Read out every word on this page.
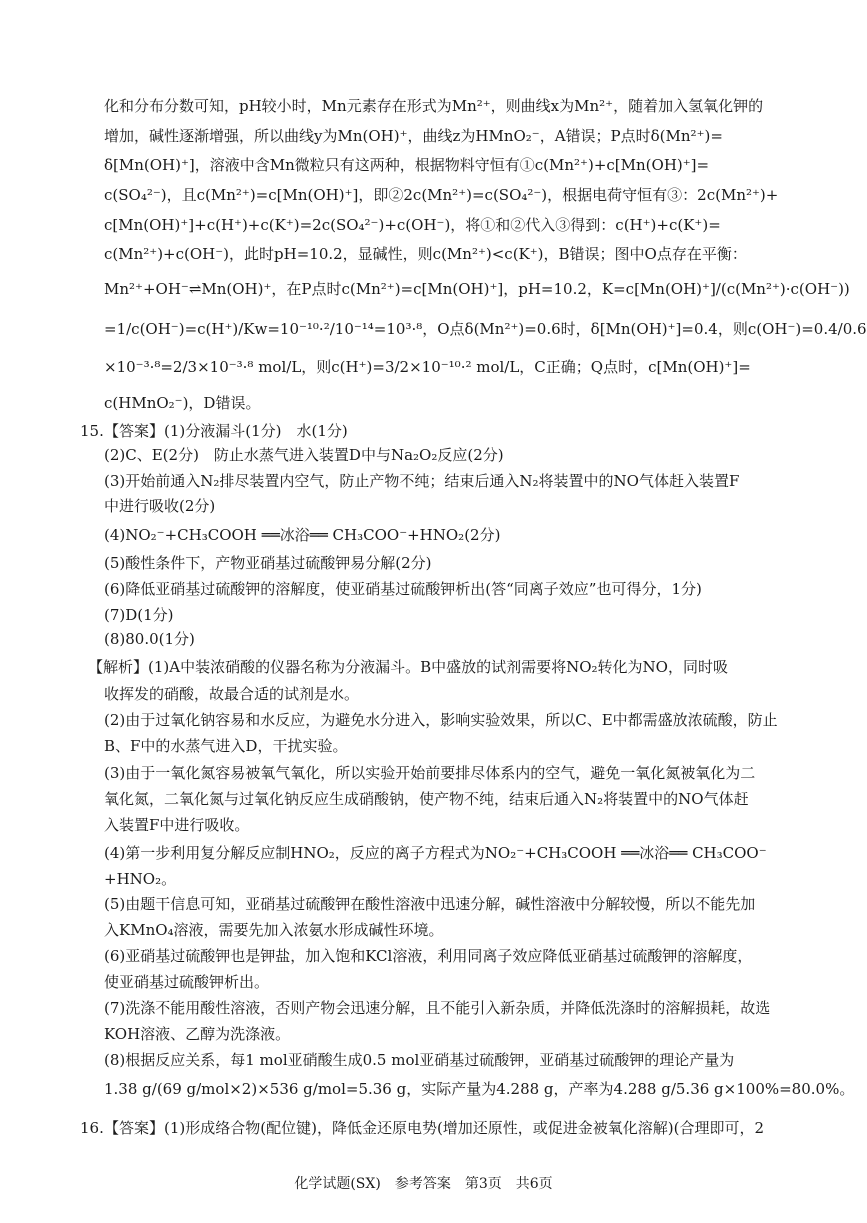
化和分布分数可知，pH较小时，Mn元素存在形式为Mn²⁺，则曲线x为Mn²⁺，随着加入氢氧化钾的
增加，碱性逐渐增强，所以曲线y为Mn(OH)⁺，曲线z为HMnO₂⁻，A错误；P点时δ(Mn²⁺)=
δ[Mn(OH)⁺]，溶液中含Mn微粒只有这两种，根据物料守恒有①c(Mn²⁺)+c[Mn(OH)⁺]=
c(SO₄²⁻)，且c(Mn²⁺)=c[Mn(OH)⁺]，即②2c(Mn²⁺)=c(SO₄²⁻)，根据电荷守恒有③：2c(Mn²⁺)+
c[Mn(OH)⁺]+c(H⁺)+c(K⁺)=2c(SO₄²⁻)+c(OH⁻)，将①和②代入③得到：c(H⁺)+c(K⁺)=
c(Mn²⁺)+c(OH⁻)，此时pH=10.2，显碱性，则c(Mn²⁺)<c(K⁺)，B错误；图中O点存在平衡：
Mn²⁺+OH⁻⇌Mn(OH)⁺，在P点时c(Mn²⁺)=c[Mn(OH)⁺]，pH=10.2，K=c[Mn(OH)⁺]/(c(Mn²⁺)·c(OH⁻))
=1/c(OH⁻)=c(H⁺)/Kw=10⁻¹⁰·²/10⁻¹⁴=10³·⁸，O点δ(Mn²⁺)=0.6时，δ[Mn(OH)⁺]=0.4，则c(OH⁻)=0.4/0.6
×10⁻³·⁸=2/3×10⁻³·⁸ mol/L，则c(H⁺)=3/2×10⁻¹⁰·² mol/L，C正确；Q点时，c[Mn(OH)⁺]=
c(HMnO₂⁻)，D错误。
15. 【答案】(1)分液漏斗(1分)　水(1分)
(2)C、E(2分)　防止水蒸气进入装置D中与Na₂O₂反应(2分)
(3)开始前通入N₂排尽装置内空气，防止产物不纯；结束后通入N₂将装置中的NO气体赶入装置F
中进行吸收(2分)
(4)NO₂⁻+CH₃COOH ══冰浴══ CH₃COO⁻+HNO₂(2分)
(5)酸性条件下，产物亚硝基过硫酸钾易分解(2分)
(6)降低亚硝基过硫酸钾的溶解度，使亚硝基过硫酸钾析出(答“同离子效应”也可得分，1分)
(7)D(1分)
(8)80.0(1分)
【解析】(1)A中装浓硝酸的仪器名称为分液漏斗。B中盛放的试剂需要将NO₂转化为NO，同时吸
收挥发的硝酸，故最合适的试剂是水。
(2)由于过氧化钠容易和水反应，为避免水分进入，影响实验效果，所以C、E中都需盛放浓硫酸，防止
B、F中的水蒸气进入D，干扰实验。
(3)由于一氧化氮容易被氧气氧化，所以实验开始前要排尽体系内的空气，避免一氧化氮被氧化为二
氧化氮，二氧化氮与过氧化钠反应生成硝酸钠，使产物不纯，结束后通入N₂将装置中的NO气体赶
入装置F中进行吸收。
(4)第一步利用复分解反应制HNO₂，反应的离子方程式为NO₂⁻+CH₃COOH ══冰浴══ CH₃COO⁻
+HNO₂。
(5)由题干信息可知，亚硝基过硫酸钾在酸性溶液中迅速分解，碱性溶液中分解较慢，所以不能先加
入KMnO₄溶液，需要先加入浓氨水形成碱性环境。
(6)亚硝基过硫酸钾也是钾盐，加入饱和KCl溶液，利用同离子效应降低亚硝基过硫酸钾的溶解度，
使亚硝基过硫酸钾析出。
(7)洗涤不能用酸性溶液，否则产物会迅速分解，且不能引入新杂质，并降低洗涤时的溶解损耗，故选
KOH溶液、乙醇为洗涤液。
(8)根据反应关系，每1 mol亚硝酸生成0.5 mol亚硝基过硫酸钾，亚硝基过硫酸钾的理论产量为
1.38 g/(69 g/mol×2)×536 g/mol=5.36 g，实际产量为4.288 g，产率为4.288 g/5.36 g×100%=80.0%。
16. 【答案】(1)形成络合物(配位键)，降低金还原电势(增加还原性，或促进金被氧化溶解)(合理即可，2
化学试题(SX)　参考答案　第3页　共6页
